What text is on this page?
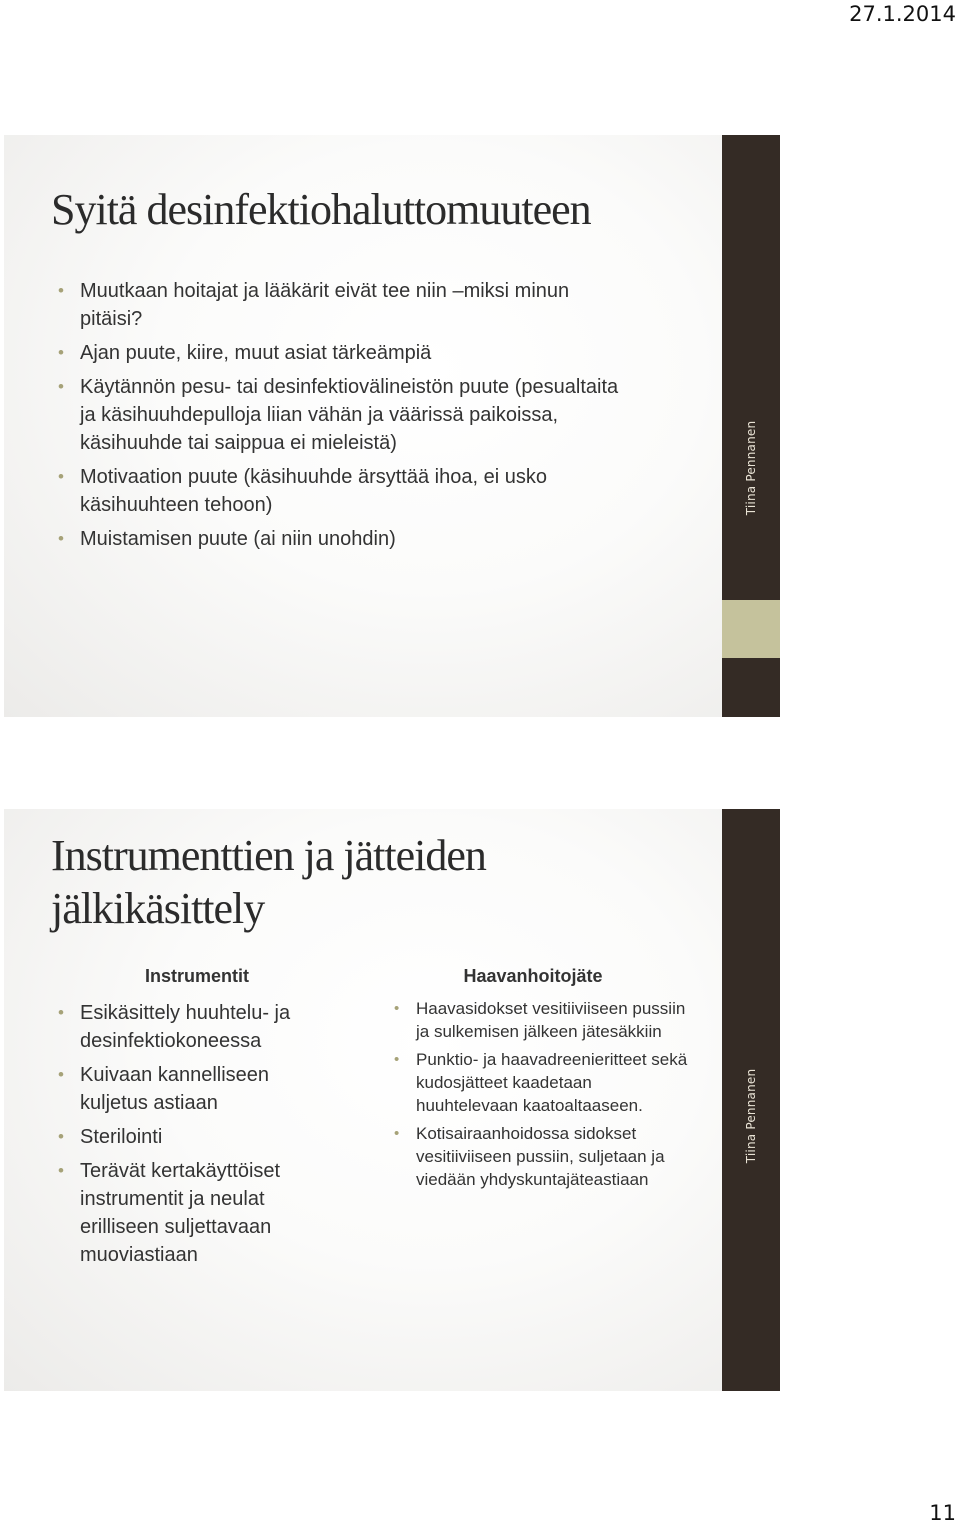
27.1.2014
Syitä desinfektiohaluttomuuteen
• Muutkaan hoitajat ja lääkärit eivät tee niin –miksi minun pitäisi?
• Ajan puute, kiire, muut asiat tärkeämpiä
• Käytännön pesu- tai desinfektiovälineistön puute (pesualtaita ja käsihuuhdepulloja liian vähän ja väärissä paikoissa, käsihuuhde tai saippua ei mieleistä)
• Motivaation puute (käsihuuhde ärsyttää ihoa, ei usko käsihuuhteen tehoon)
• Muistamisen puute (ai niin unohdin)
Tiina Pennanen
Instrumenttien ja jätteiden jälkikäsittely
Instrumentit
• Esikäsittely huuhtelu- ja desinfektiokoneessa
• Kuivaan kannelliseen kuljetus astiaan
• Sterilointi
• Terävät kertakäyttöiset instrumentit ja neulat erilliseen suljettavaan muoviastiaan
Haavanhoitojäte
• Haavasidokset vesitiiviiseen pussiin ja sulkemisen jälkeen jätesäkkiin
• Punktio- ja haavadreenieritteet sekä kudosjätteet kaadetaan huuhtelevaan kaatoaltaaseen.
• Kotisairaanhoidossa sidokset vesitiiviiseen pussiin, suljetaan ja viedään yhdyskuntajäteastiaan
Tiina Pennanen
11
